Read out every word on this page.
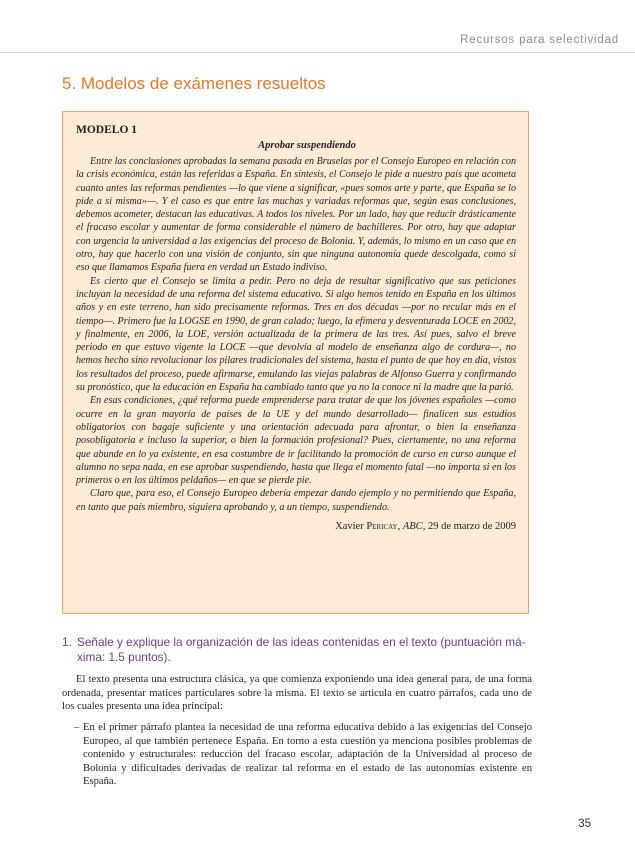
Recursos para selectividad
5. Modelos de exámenes resueltos
MODELO 1
Aprobar suspendiendo

Entre las conclusiones aprobadas la semana pasada en Bruselas por el Consejo Europeo en relación con la crisis económica, están las referidas a España. En síntesis, el Consejo le pide a nuestro país que acometa cuanto antes las reformas pendientes —lo que viene a significar, «pues somos arte y parte, que España se lo pide a sí misma»—. Y el caso es que entre las muchas y variadas reformas que, según esas conclusiones, debemos acometer, destacan las educativas. A todos los niveles. Por un lado, hay que reducir drásticamente el fracaso escolar y aumentar de forma considerable el número de bachilleres. Por otro, hay que adaptar con urgencia la universidad a las exigencias del proceso de Bolonia. Y, además, lo mismo en un caso que en otro, hay que hacerlo con una visión de conjunto, sin que ninguna autonomía quede descolgada, como si eso que llamamos España fuera en verdad un Estado indiviso.

Es cierto que el Consejo se limita a pedir. Pero no deja de resultar significativo que sus peticiones incluyan la necesidad de una reforma del sistema educativo. Si algo hemos tenido en España en los últimos años y en este terreno, han sido precisamente reformas. Tres en dos décadas —por no recular más en el tiempo—. Primero fue la LOGSE en 1990, de gran calado; luego, la efímera y desventurada LOCE en 2002, y finalmente, en 2006, la LOE, versión actualizada de la primera de las tres. Así pues, salvo el breve periodo en que estuvo vigente la LOCE —que devolvía al modelo de enseñanza algo de cordura—, no hemos hecho sino revolucionar los pilares tradicionales del sistema, hasta el punto de que hoy en día, vistos los resultados del proceso, puede afirmarse, emulando las viejas palabras de Alfonso Guerra y confirmando su pronóstico, que la educación en España ha cambiado tanto que ya no la conoce ni la madre que la parió.

En esas condiciones, ¿qué reforma puede emprenderse para tratar de que los jóvenes españoles —como ocurre en la gran mayoría de países de la UE y del mundo desarrollado— finalicen sus estudios obligatorios con bagaje suficiente y una orientación adecuada para afrontar, o bien la enseñanza posobligatoria e incluso la superior, o bien la formación profesional? Pues, ciertamente, no una reforma que abunde en lo ya existente, en esa costumbre de ir facilitando la promoción de curso en curso aunque el alumno no sepa nada, en ese aprobar suspendiendo, hasta que llega el momento fatal —no importa si en los primeros o en los últimos peldaños— en que se pierde pie.

Claro que, para eso, el Consejo Europeo debería empezar dando ejemplo y no permitiendo que España, en tanto que país miembro, siguiera aprobando y, a un tiempo, suspendiendo.

Xavier Pericay, ABC, 29 de marzo de 2009
1. Señale y explique la organización de las ideas contenidas en el texto (puntuación má-
xima: 1.5 puntos).

El texto presenta una estructura clásica, ya que comienza exponiendo una idea general para, de una forma ordenada, presentar matices particulares sobre la misma. El texto se articula en cuatro párrafos, cada uno de los cuales presenta una idea principal:

– En el primer párrafo plantea la necesidad de una reforma educativa debido a las exigencias del Consejo Europeo, al que también pertenece España. En torno a esta cuestión ya menciona posibles problemas de contenido y estructurales: reducción del fracaso escolar, adaptación de la Universidad al proceso de Bolonia y dificultades derivadas de realizar tal reforma en el estado de las autonomías existente en España.
35
